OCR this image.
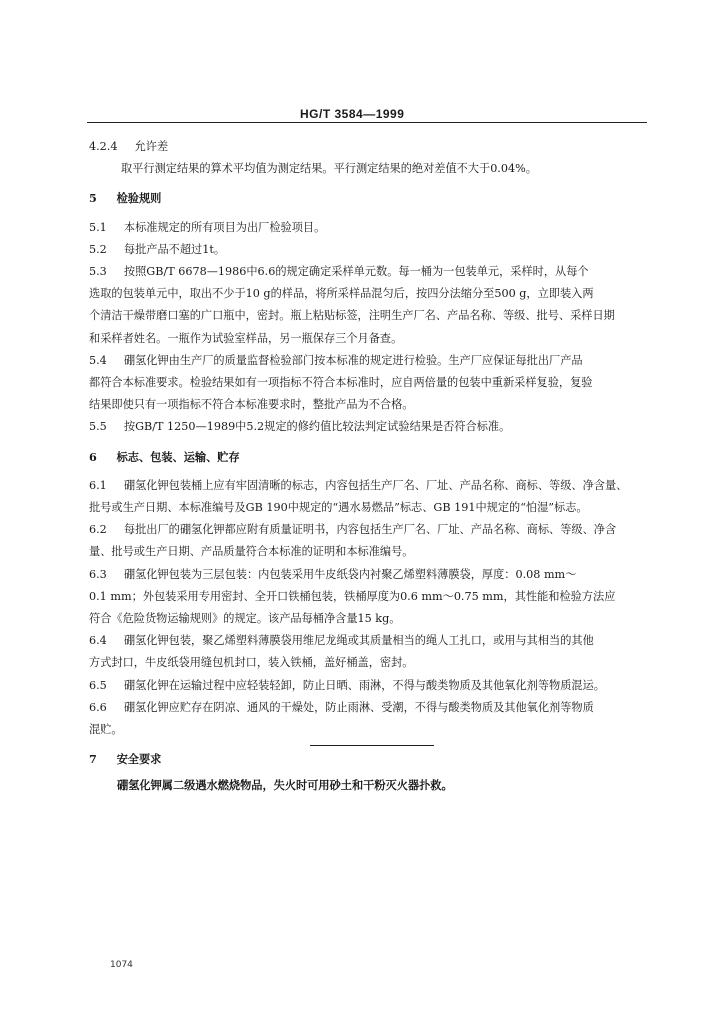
HG/T 3584—1999
4.2.4 允许差
取平行测定结果的算术平均值为测定结果。平行测定结果的绝对差值不大于0.04%。
5 检验规则
5.1 本标准规定的所有项目为出厂检验项目。
5.2 每批产品不超过1t。
5.3 按照GB/T 6678—1986中6.6的规定确定采样单元数。每一桶为一包装单元，采样时，从每个
选取的包装单元中，取出不少于10 g的样品，将所采样品混匀后，按四分法缩分至500 g，立即装入两
个清洁干燥带磨口塞的广口瓶中，密封。瓶上粘贴标签，注明生产厂名、产品名称、等级、批号、采样日期
和采样者姓名。一瓶作为试验室样品，另一瓶保存三个月备查。
5.4 硼氢化钾由生产厂的质量监督检验部门按本标准的规定进行检验。生产厂应保证每批出厂产品
都符合本标准要求。检验结果如有一项指标不符合本标准时，应自两倍量的包装中重新采样复验，复验
结果即使只有一项指标不符合本标准要求时，整批产品为不合格。
5.5 按GB/T 1250—1989中5.2规定的修约值比较法判定试验结果是否符合标准。
6 标志、包装、运输、贮存
6.1 硼氢化钾包装桶上应有牢固清晰的标志，内容包括生产厂名、厂址、产品名称、商标、等级、净含量、
批号或生产日期、本标准编号及GB 190中规定的“遇水易燃品”标志、GB 191中规定的“怕湿”标志。
6.2 每批出厂的硼氢化钾都应附有质量证明书，内容包括生产厂名、厂址、产品名称、商标、等级、净含
量、批号或生产日期、产品质量符合本标准的证明和本标准编号。
6.3 硼氢化钾包装为三层包装：内包装采用牛皮纸袋内衬聚乙烯塑料薄膜袋，厚度：0.08 mm～
0.1 mm；外包装采用专用密封、全开口铁桶包装，铁桶厚度为0.6 mm～0.75 mm，其性能和检验方法应
符合《危险货物运输规则》的规定。该产品每桶净含量15 kg。
6.4 硼氢化钾包装，聚乙烯塑料薄膜袋用维尼龙绳或其质量相当的绳人工扎口，或用与其相当的其他
方式封口，牛皮纸袋用缝包机封口，装入铁桶，盖好桶盖，密封。
6.5 硼氢化钾在运输过程中应轻装轻卸，防止日晒、雨淋，不得与酸类物质及其他氧化剂等物质混运。
6.6 硼氢化钾应贮存在阴凉、通风的干燥处，防止雨淋、受潮，不得与酸类物质及其他氧化剂等物质
混贮。
7 安全要求
硼氢化钾属二级遇水燃烧物品，失火时可用砂土和干粉灭火器扑救。
1074
